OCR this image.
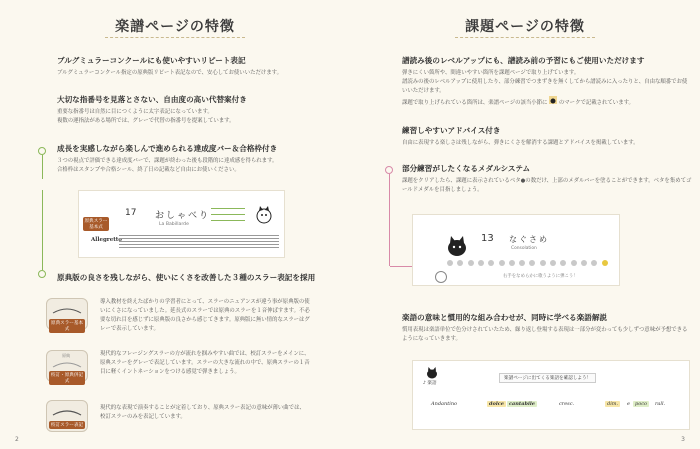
楽譜ページの特徴
ブルグミュラーコンクールにも使いやすいリピート表記
ブルグミュラーコンクール指定の原典版リピート表記なので、安心してお使いいただけます。
大切な指番号を見落とさない、自由度の高い代替案付き
重要な指番号は自然に目につくように太字表記になっています。
複数の運指法がある場所では、グレーで代替の指番号を提案しています。
成長を実感しながら楽しんで進められる達成度バー＆合格枠付き
３つの視点で評価できる達成度バーで、課題が終わった後も段階的に達成感を得られます。
合格枠はスタンプや合格シール、終了日の記載など自由にお使いください。
原典スラー基本式
17 おしゃべり
La Babillarde
Allegretto
原典版の良さを残しながら、使いにくさを改善した３種のスラー表記を採用
原典スラー基本式
導入教材を終えたばかりの学習者にとって、スラーのニュアンスが違う事が原典版の使いにくさになっていました。延長式のスラーでは原典のスラーを１音伸ばすます。不必要な切れ目を感じずに原典版の良さから感じてきます。原典版に無い情的なスラーはグレーで表示しています。
原典
校訂・原典併記式
現代的なフレージングスラーの方が流れを掴みやすい曲では、校訂スラーをメインに、原典スラーをグレーで表記しています。スラーの大きな流れの中で、原典スラーの１音目に軽くイントネーションをつける感覚で弾きましょう。
校訂スラー表記
現代的な表現で演奏することが定着しており、原典スラー表記の意味が薄い曲では、校訂スラーのみを表記しています。
2
課題ページの特徴
譜読み後のレベルアップにも、譜読み前の予習にもご使用いただけます
弾きにくい箇所や、間違いやすい箇所を課題ページで取り上げています。
譜読みの後のレベルアップに使用したり、部分練習でつまずきを無くしてから譜読みに入ったりと、自由な順番でお使いいただけます。
課題で取り上げられている箇所は、楽譜ページの該当小節に のマークで記載されています。
練習しやすいアドバイス付き
自由に表現する楽しさは残しながら、弾きにくさを解消する課題とアドバイスを掲載しています。
部分練習がしたくなるメダルシステム
課題をクリアしたら、課題に表示されているベタ●の数だけ、上部のメダルバーを塗ることができます。ベタを集めてゴールドメダルを目指しましょう。
13 なぐさめ
Consolation
右手をなめらかに歌うように弾こう！
楽語の意味と慣用的な組み合わせが、同時に学べる楽語解説
慣用表現は楽語単位で色分けされていたため、繰り返し登場する表現は一部分が変わっても少しずつ意味が予想できるようになっていきます。
♪ 楽語
楽譜ページに出てくる楽語を確認しよう！
Andantino	dolce	cantabile	cresc.	dim.	e	poco	rall.
3
